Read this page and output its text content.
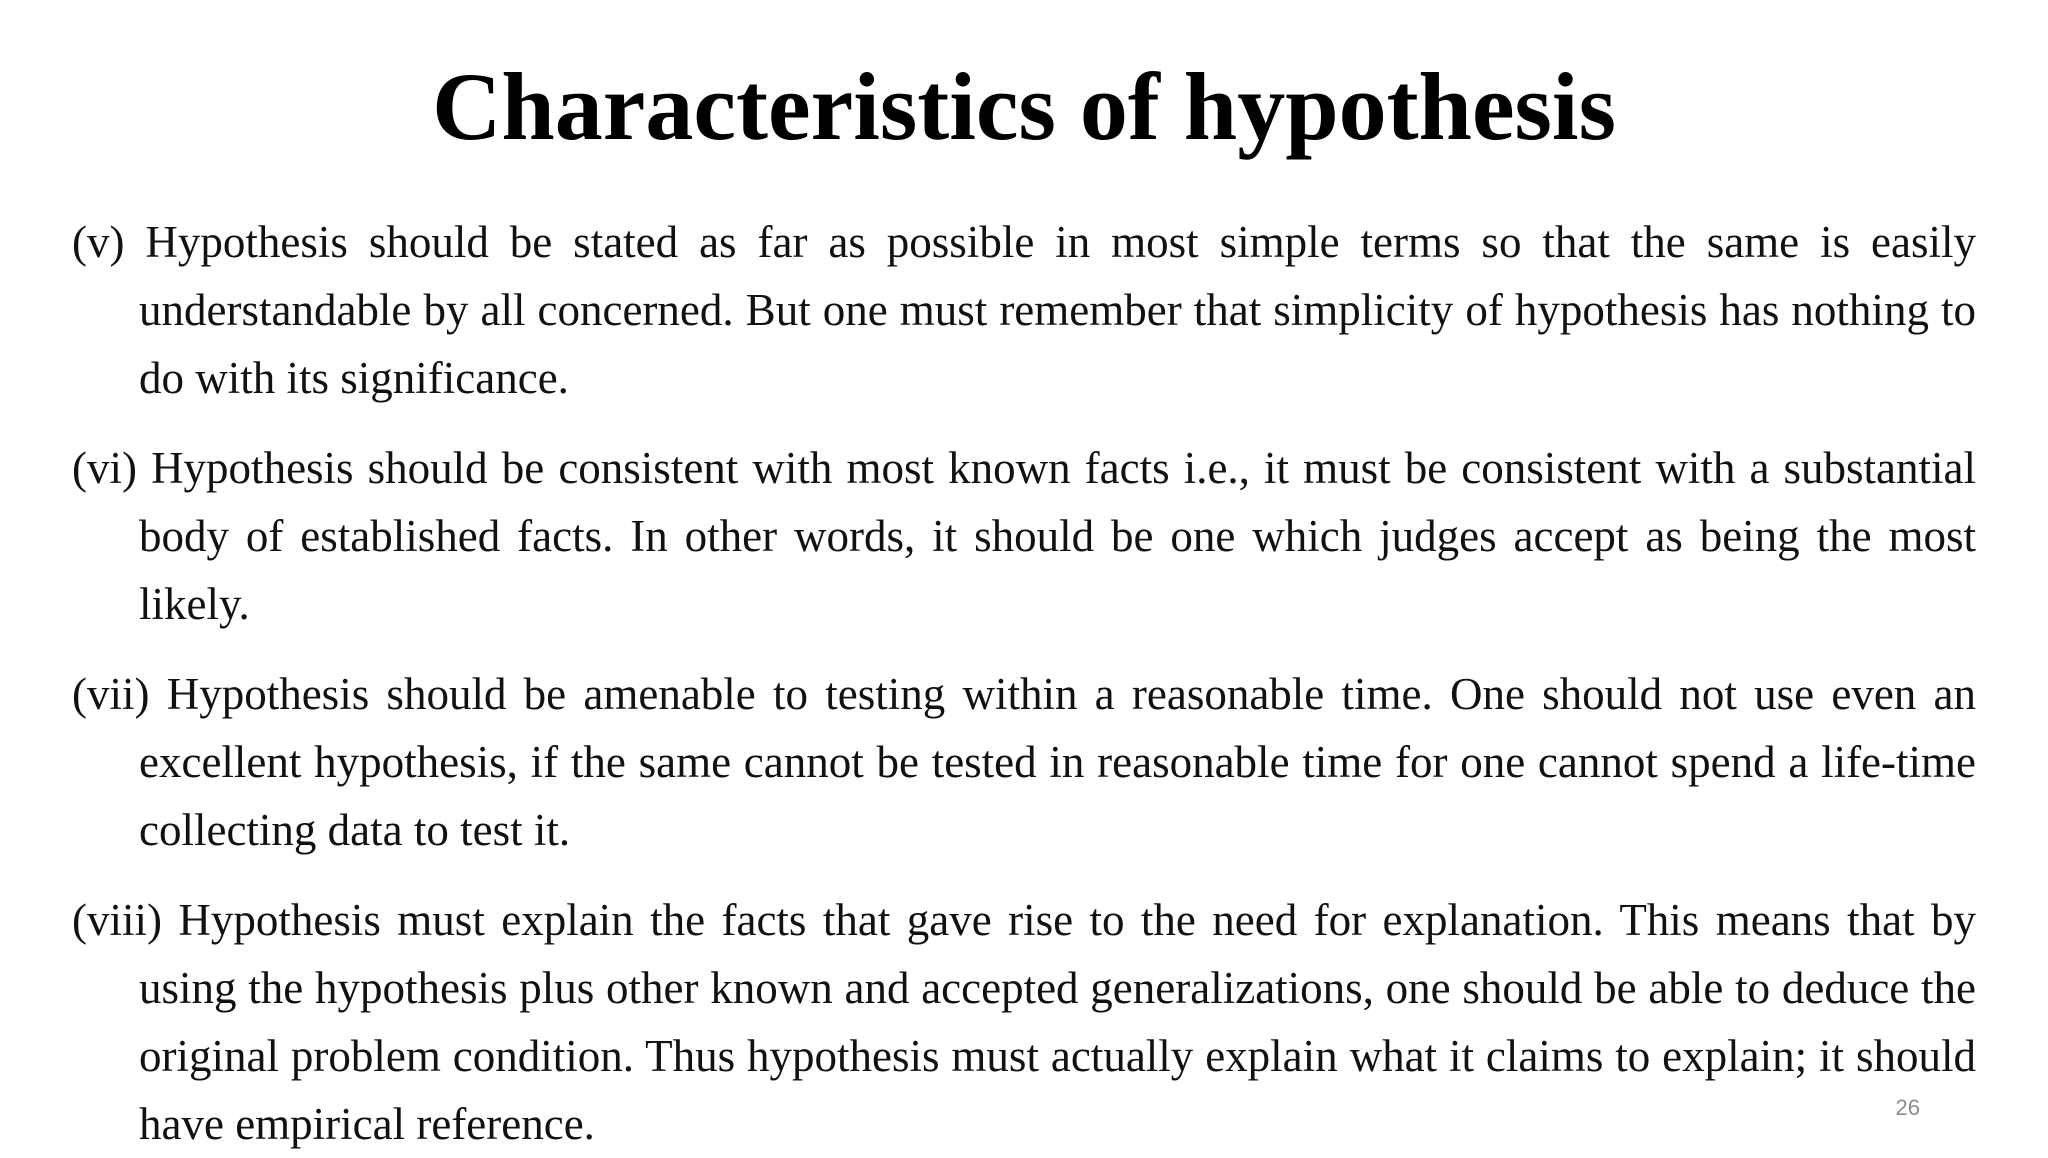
Characteristics of hypothesis

(v) Hypothesis should be stated as far as possible in most simple terms so that the same is easily understandable by all concerned. But one must remember that simplicity of hypothesis has nothing to do with its significance.

(vi) Hypothesis should be consistent with most known facts i.e., it must be consistent with a substantial body of established facts. In other words, it should be one which judges accept as being the most likely.

(vii) Hypothesis should be amenable to testing within a reasonable time. One should not use even an excellent hypothesis, if the same cannot be tested in reasonable time for one cannot spend a life-time collecting data to test it.

(viii) Hypothesis must explain the facts that gave rise to the need for explanation. This means that by using the hypothesis plus other known and accepted generalizations, one should be able to deduce the original problem condition. Thus hypothesis must actually explain what it claims to explain; it should have empirical reference.	26
